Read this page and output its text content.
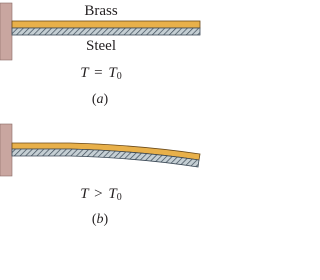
Brass
Steel
$T = T_0$
(a)
$T > T_0$
(b)
